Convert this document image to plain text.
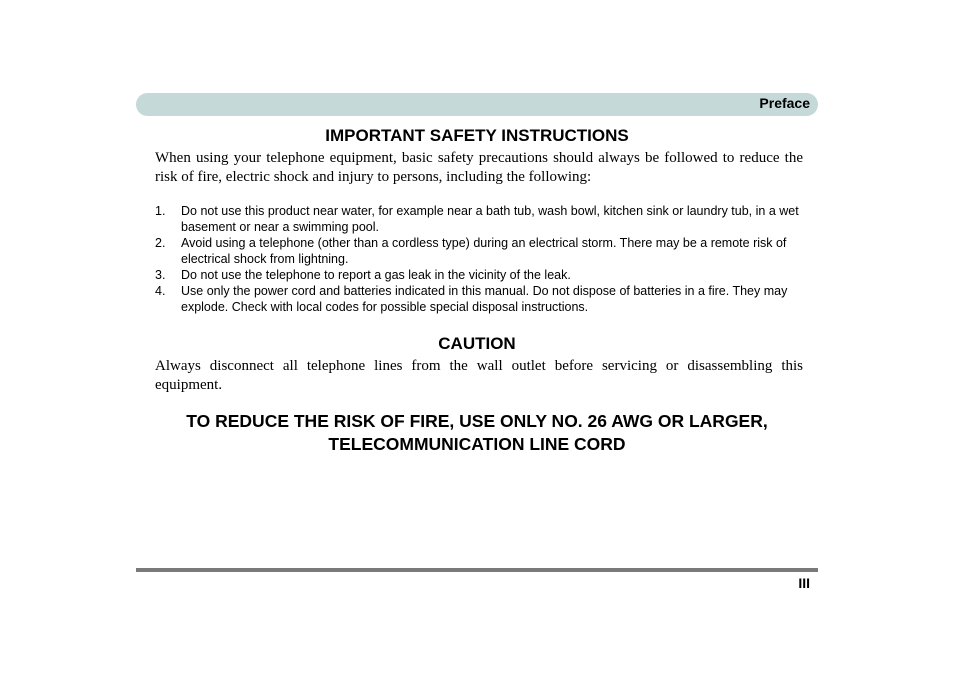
Preface
IMPORTANT SAFETY INSTRUCTIONS
When using your telephone equipment, basic safety precautions should always be followed to reduce the risk of fire, electric shock and injury to persons, including the following:
1. Do not use this product near water, for example near a bath tub, wash bowl, kitchen sink or laundry tub, in a wet basement or near a swimming pool.
2. Avoid using a telephone (other than a cordless type) during an electrical storm. There may be a remote risk of electrical shock from lightning.
3. Do not use the telephone to report a gas leak in the vicinity of the leak.
4. Use only the power cord and batteries indicated in this manual. Do not dispose of batteries in a fire. They may explode. Check with local codes for possible special disposal instructions.
CAUTION
Always disconnect all telephone lines from the wall outlet before servicing or disassembling this equipment.
TO REDUCE THE RISK OF FIRE, USE ONLY NO. 26 AWG OR LARGER,
TELECOMMUNICATION LINE CORD
III
